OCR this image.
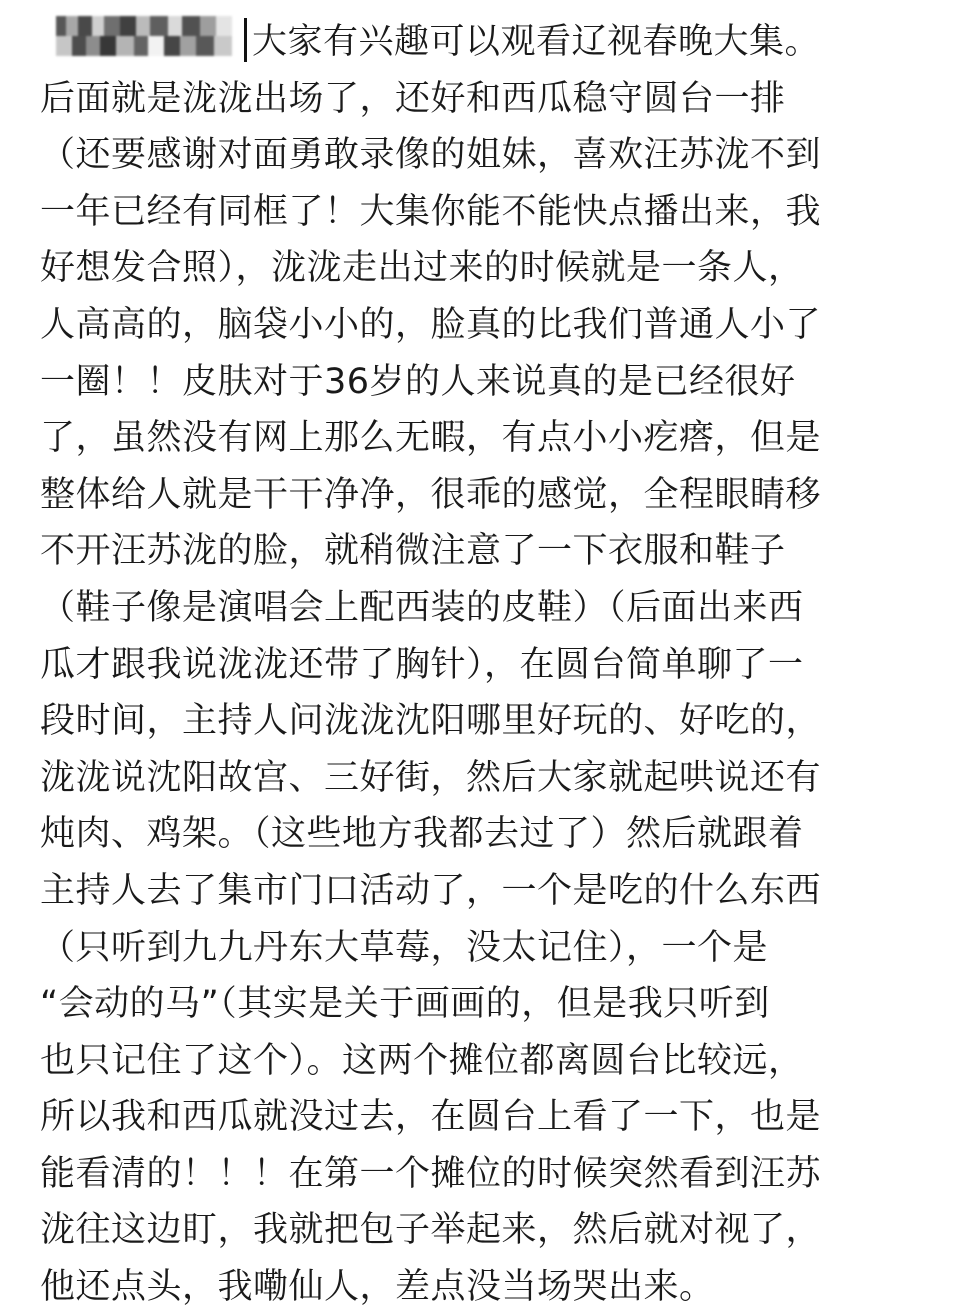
大家有兴趣可以观看辽视春晚大集。
后面就是泷泷出场了，还好和西瓜稳守圆台一排
（还要感谢对面勇敢录像的姐妹，喜欢汪苏泷不到
一年已经有同框了！大集你能不能快点播出来，我
好想发合照），泷泷走出过来的时候就是一条人，
人高高的，脑袋小小的，脸真的比我们普通人小了
一圈！！皮肤对于36岁的人来说真的是已经很好
了，虽然没有网上那么无暇，有点小小疙瘩，但是
整体给人就是干干净净，很乖的感觉，全程眼睛移
不开汪苏泷的脸，就稍微注意了一下衣服和鞋子
（鞋子像是演唱会上配西装的皮鞋）（后面出来西
瓜才跟我说泷泷还带了胸针），在圆台简单聊了一
段时间，主持人问泷泷沈阳哪里好玩的、好吃的，
泷泷说沈阳故宫、三好街，然后大家就起哄说还有
炖肉、鸡架。（这些地方我都去过了）然后就跟着
主持人去了集市门口活动了，一个是吃的什么东西
（只听到九九丹东大草莓，没太记住），一个是
“会动的马”（其实是关于画画的，但是我只听到
也只记住了这个）。这两个摊位都离圆台比较远，
所以我和西瓜就没过去，在圆台上看了一下，也是
能看清的！！！在第一个摊位的时候突然看到汪苏
泷往这边盯，我就把包子举起来，然后就对视了，
他还点头，我嘞仙人，差点没当场哭出来。
